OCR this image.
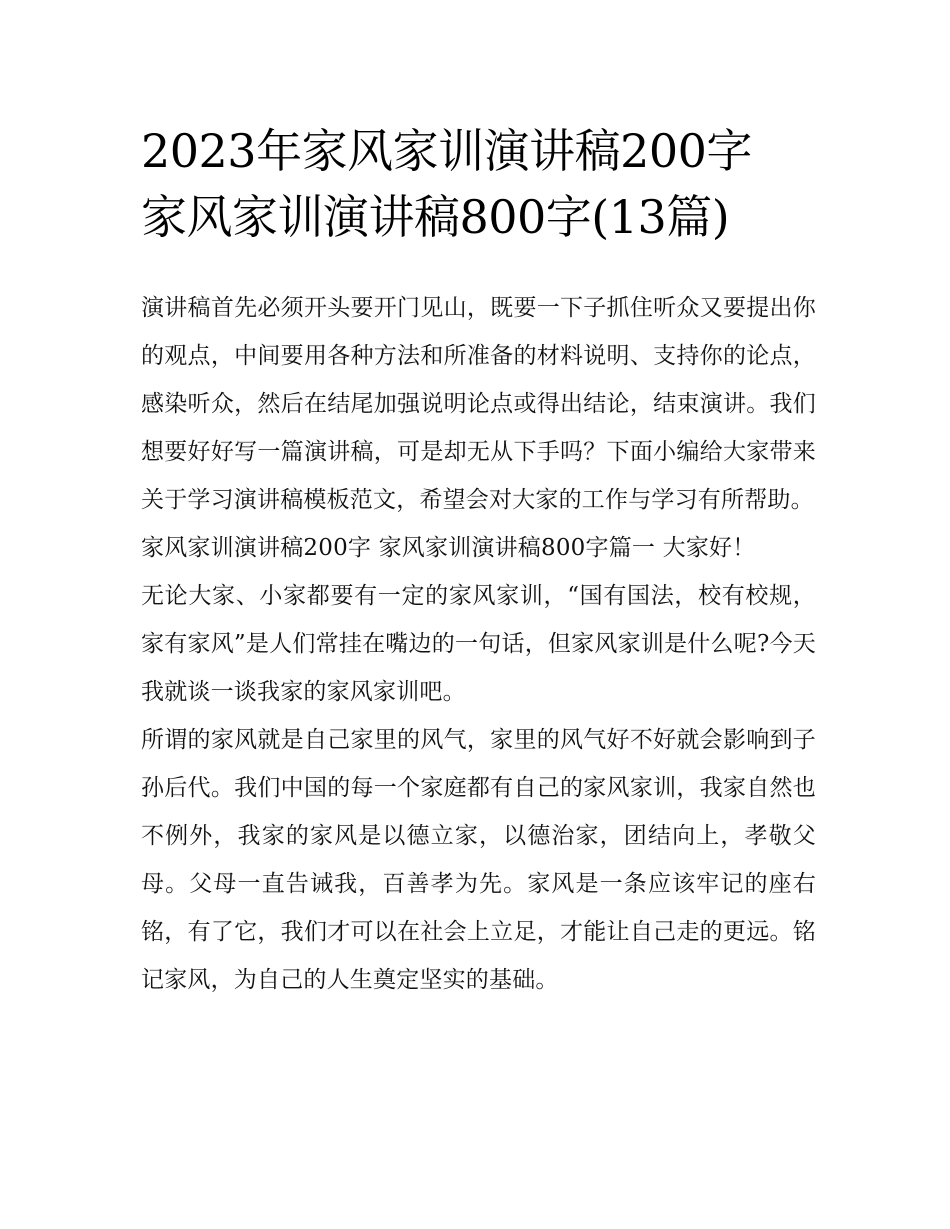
2023年家风家训演讲稿200字
家风家训演讲稿800字(13篇)

演讲稿首先必须开头要开门见山，既要一下子抓住听众又要提出你的观点，中间要用各种方法和所准备的材料说明、支持你的论点，感染听众，然后在结尾加强说明论点或得出结论，结束演讲。我们想要好好写一篇演讲稿，可是却无从下手吗？下面小编给大家带来关于学习演讲稿模板范文，希望会对大家的工作与学习有所帮助。

家风家训演讲稿200字 家风家训演讲稿800字篇一 大家好！

无论大家、小家都要有一定的家风家训，“国有国法，校有校规，家有家风”是人们常挂在嘴边的一句话，但家风家训是什么呢?今天我就谈一谈我家的家风家训吧。

所谓的家风就是自己家里的风气，家里的风气好不好就会影响到子孙后代。我们中国的每一个家庭都有自己的家风家训，我家自然也不例外，我家的家风是以德立家，以德治家，团结向上，孝敬父母。父母一直告诫我，百善孝为先。家风是一条应该牢记的座右铭，有了它，我们才可以在社会上立足，才能让自己走的更远。铭记家风，为自己的人生奠定坚实的基础。
